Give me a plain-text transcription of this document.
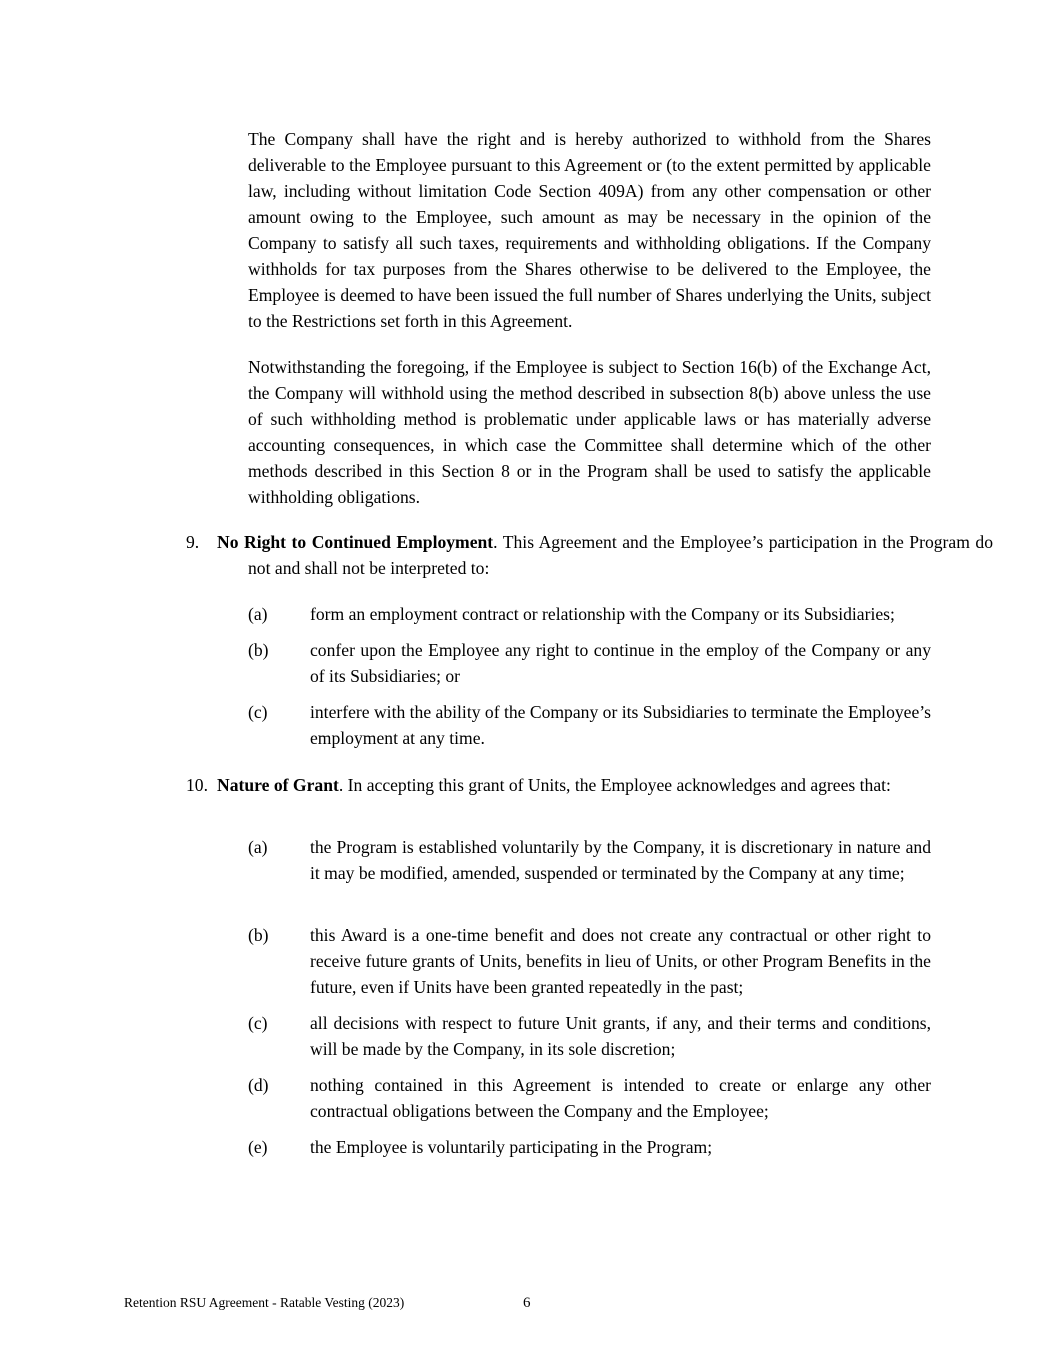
The Company shall have the right and is hereby authorized to withhold from the Shares deliverable to the Employee pursuant to this Agreement or (to the extent permitted by applicable law, including without limitation Code Section 409A) from any other compensation or other amount owing to the Employee, such amount as may be necessary in the opinion of the Company to satisfy all such taxes, requirements and withholding obligations. If the Company withholds for tax purposes from the Shares otherwise to be delivered to the Employee, the Employee is deemed to have been issued the full number of Shares underlying the Units, subject to the Restrictions set forth in this Agreement.

Notwithstanding the foregoing, if the Employee is subject to Section 16(b) of the Exchange Act, the Company will withhold using the method described in subsection 8(b) above unless the use of such withholding method is problematic under applicable laws or has materially adverse accounting consequences, in which case the Committee shall determine which of the other methods described in this Section 8 or in the Program shall be used to satisfy the applicable withholding obligations.

9. No Right to Continued Employment. This Agreement and the Employee’s participation in the Program do not and shall not be interpreted to:

(a)	form an employment contract or relationship with the Company or its Subsidiaries;
(b)	confer upon the Employee any right to continue in the employ of the Company or any of its Subsidiaries; or
(c)	interfere with the ability of the Company or its Subsidiaries to terminate the Employee’s employment at any time.

10. Nature of Grant. In accepting this grant of Units, the Employee acknowledges and agrees that:

(a)	the Program is established voluntarily by the Company, it is discretionary in nature and it may be modified, amended, suspended or terminated by the Company at any time;
(b)	this Award is a one-time benefit and does not create any contractual or other right to receive future grants of Units, benefits in lieu of Units, or other Program Benefits in the future, even if Units have been granted repeatedly in the past;
(c)	all decisions with respect to future Unit grants, if any, and their terms and conditions, will be made by the Company, in its sole discretion;
(d)	nothing contained in this Agreement is intended to create or enlarge any other contractual obligations between the Company and the Employee;
(e)	the Employee is voluntarily participating in the Program;
Retention RSU Agreement - Ratable Vesting (2023)	6
